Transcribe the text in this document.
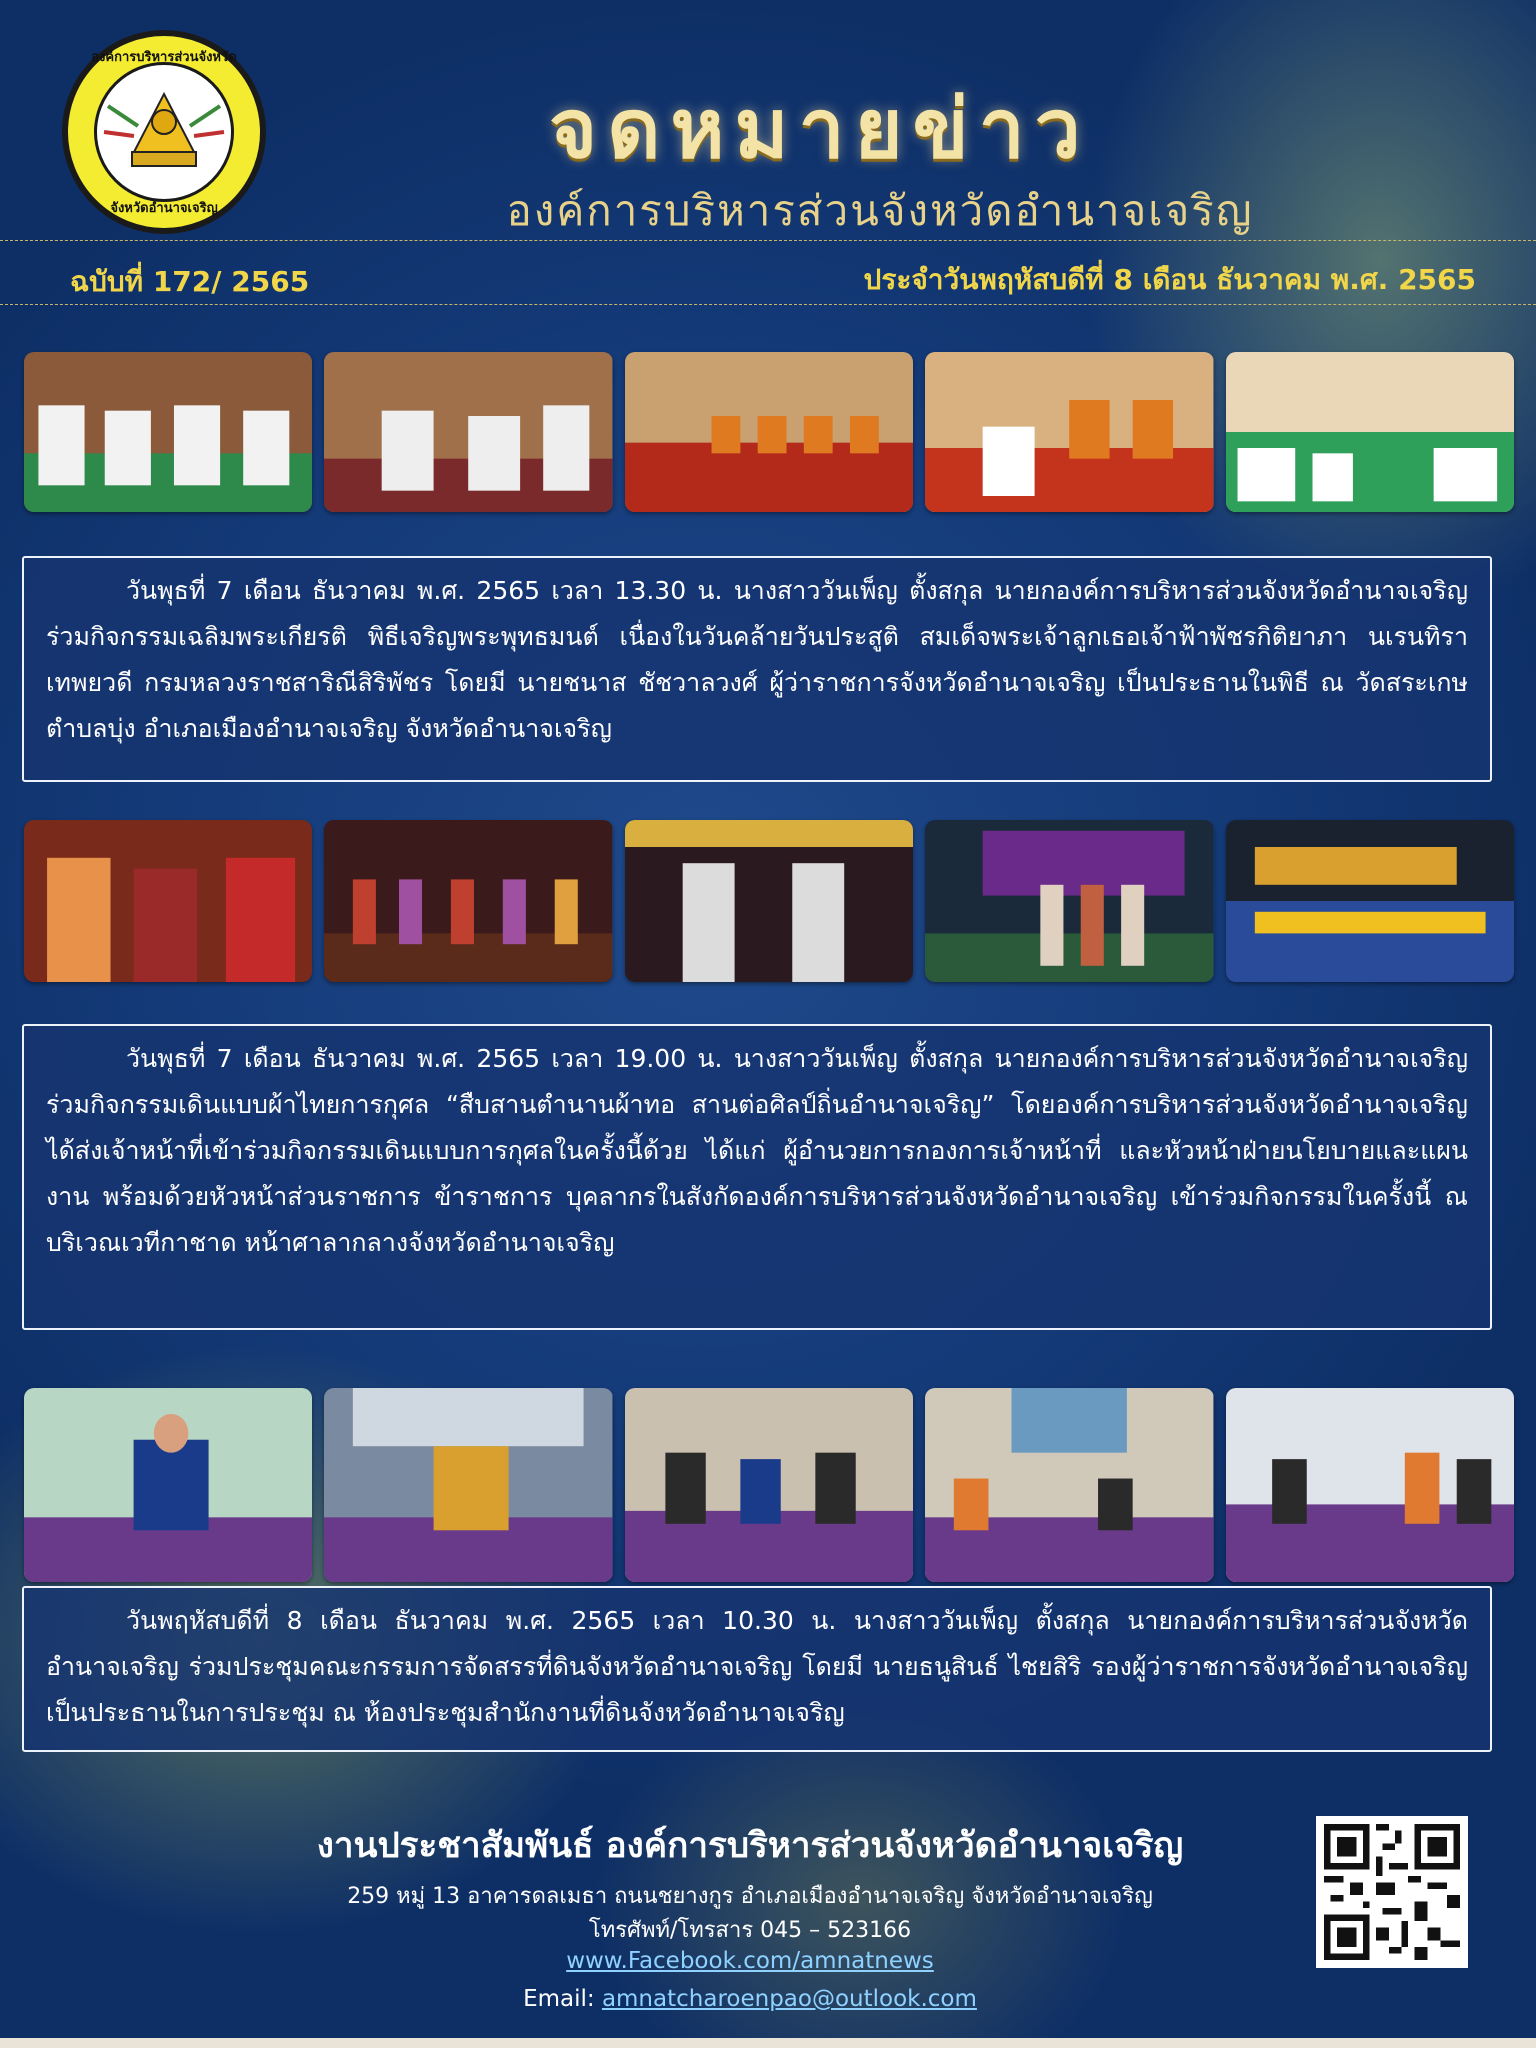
องค์การบริหารส่วนจังหวัด
จังหวัดอำนาจเจริญ
จดหมายข่าว
องค์การบริหารส่วนจังหวัดอำนาจเจริญ
ฉบับที่ 172/ 2565	ประจำวันพฤหัสบดีที่ 8 เดือน ธันวาคม พ.ศ. 2565

วันพุธที่ 7 เดือน ธันวาคม พ.ศ. 2565 เวลา 13.30 น. นางสาววันเพ็ญ ตั้งสกุล นายกองค์การบริหารส่วนจังหวัดอำนาจเจริญ ร่วมกิจกรรมเฉลิมพระเกียรติ พิธีเจริญพระพุทธมนต์ เนื่องในวันคล้ายวันประสูติ สมเด็จพระเจ้าลูกเธอเจ้าฟ้าพัชรกิติยาภา นเรนทิราเทพยวดี กรมหลวงราชสาริณีสิริพัชร โดยมี นายชนาส ชัชวาลวงศ์ ผู้ว่าราชการจังหวัดอำนาจเจริญ เป็นประธานในพิธี ณ วัดสระเกษ ตำบลบุ่ง อำเภอเมืองอำนาจเจริญ จังหวัดอำนาจเจริญ

วันพุธที่ 7 เดือน ธันวาคม พ.ศ. 2565 เวลา 19.00 น. นางสาววันเพ็ญ ตั้งสกุล นายกองค์การบริหารส่วนจังหวัดอำนาจเจริญ ร่วมกิจกรรมเดินแบบผ้าไทยการกุศล “สืบสานตำนานผ้าทอ สานต่อศิลป์ถิ่นอำนาจเจริญ” โดยองค์การบริหารส่วนจังหวัดอำนาจเจริญ ได้ส่งเจ้าหน้าที่เข้าร่วมกิจกรรมเดินแบบการกุศลในครั้งนี้ด้วย ได้แก่ ผู้อำนวยการกองการเจ้าหน้าที่ และหัวหน้าฝ่ายนโยบายและแผนงาน พร้อมด้วยหัวหน้าส่วนราชการ ข้าราชการ บุคลากรในสังกัดองค์การบริหารส่วนจังหวัดอำนาจเจริญ เข้าร่วมกิจกรรมในครั้งนี้ ณ บริเวณเวทีกาชาด หน้าศาลากลางจังหวัดอำนาจเจริญ

วันพฤหัสบดีที่ 8 เดือน ธันวาคม พ.ศ. 2565 เวลา 10.30 น. นางสาววันเพ็ญ ตั้งสกุล นายกองค์การบริหารส่วนจังหวัดอำนาจเจริญ ร่วมประชุมคณะกรรมการจัดสรรที่ดินจังหวัดอำนาจเจริญ โดยมี นายธนูสินธ์ ไชยสิริ รองผู้ว่าราชการจังหวัดอำนาจเจริญ เป็นประธานในการประชุม ณ ห้องประชุมสำนักงานที่ดินจังหวัดอำนาจเจริญ

งานประชาสัมพันธ์ องค์การบริหารส่วนจังหวัดอำนาจเจริญ
259 หมู่ 13 อาคารดลเมธา ถนนชยางกูร อำเภอเมืองอำนาจเจริญ จังหวัดอำนาจเจริญ
โทรศัพท์/โทรสาร 045 – 523166
www.Facebook.com/amnatnews
Email: amnatcharoenpao@outlook.com
